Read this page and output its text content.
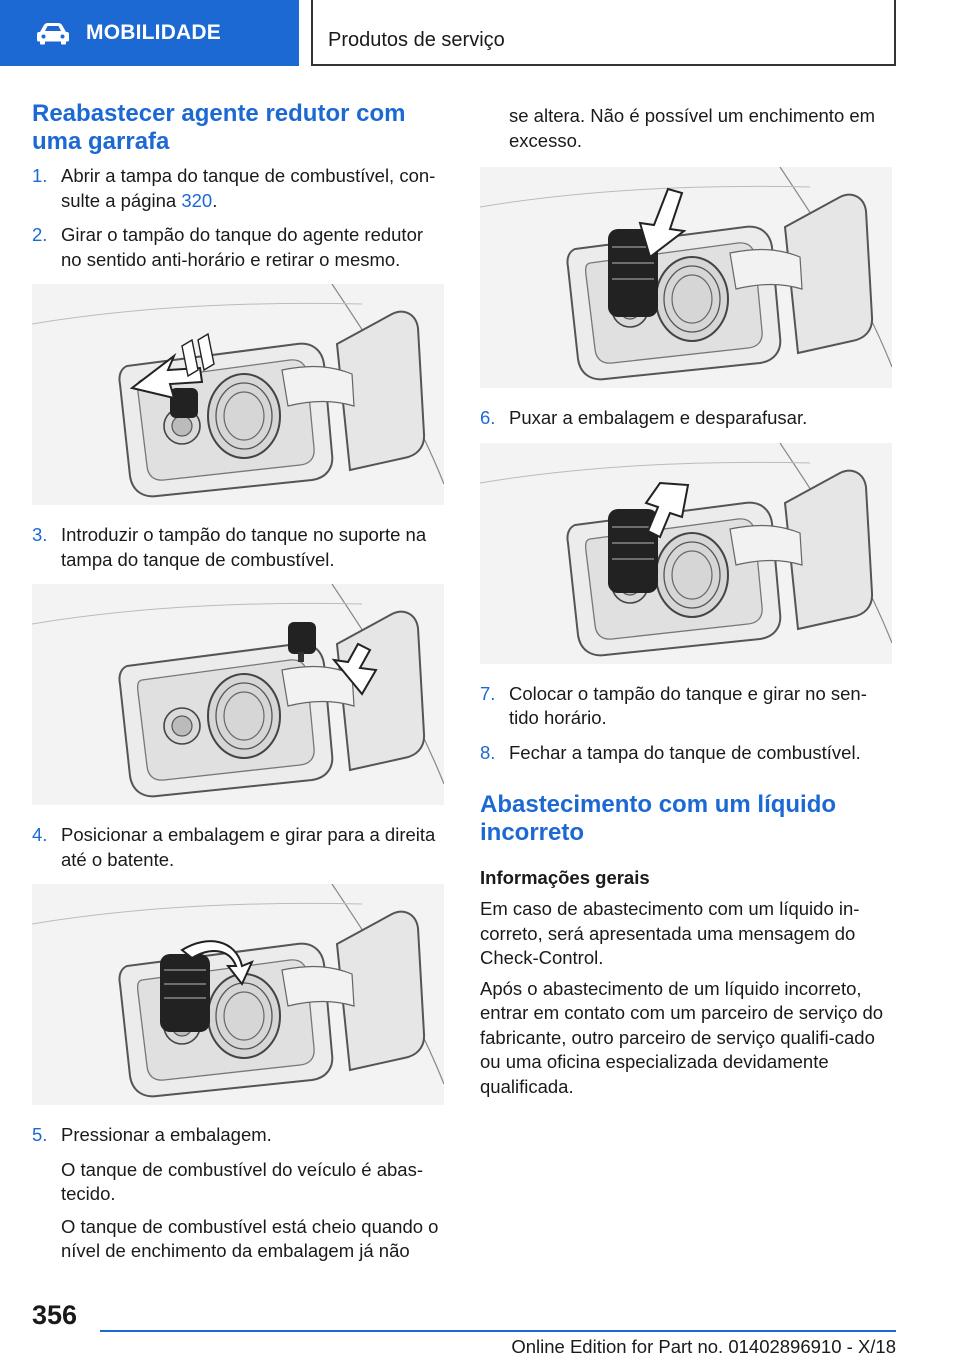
MOBILIDADE	Produtos de serviço
Reabastecer agente redutor com uma garrafa
1. Abrir a tampa do tanque de combustível, con-sulte a página 320.
2. Girar o tampão do tanque do agente redutor no sentido anti-horário e retirar o mesmo.
3. Introduzir o tampão do tanque no suporte na tampa do tanque de combustível.
4. Posicionar a embalagem e girar para a direita até o batente.
5. Pressionar a embalagem.
O tanque de combustível do veículo é abas-tecido.
O tanque de combustível está cheio quando o nível de enchimento da embalagem já não
se altera. Não é possível um enchimento em excesso.
6. Puxar a embalagem e desparafusar.
7. Colocar o tampão do tanque e girar no sen-tido horário.
8. Fechar a tampa do tanque de combustível.
Abastecimento com um líquido incorreto
Informações gerais

Em caso de abastecimento com um líquido in-correto, será apresentada uma mensagem do Check-Control.

Após o abastecimento de um líquido incorreto, entrar em contato com um parceiro de serviço do fabricante, outro parceiro de serviço qualifi-cado ou uma oficina especializada devidamente qualificada.

356
Online Edition for Part no. 01402896910 - X/18
